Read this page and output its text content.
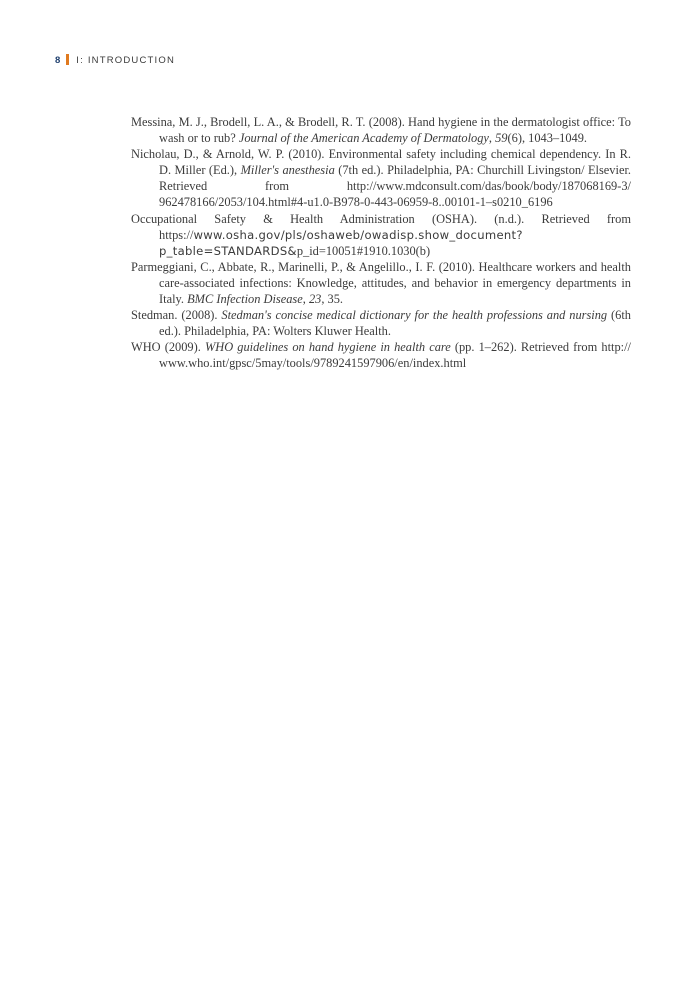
8 I: INTRODUCTION

Messina, M. J., Brodell, L. A., & Brodell, R. T. (2008). Hand hygiene in the dermatologist office: To wash or to rub? Journal of the American Academy of Dermatology, 59(6), 1043–1049.

Nicholau, D., & Arnold, W. P. (2010). Environmental safety including chemical dependency. In R. D. Miller (Ed.), Miller's anesthesia (7th ed.). Philadelphia, PA: Churchill Livingston/ Elsevier. Retrieved from http://www.mdconsult.com/das/book/body/187068169-3/ 962478166/2053/104.html#4-u1.0-B978-0-443-06959-8..00101-1–s0210_6196

Occupational Safety & Health Administration (OSHA). (n.d.). Retrieved from https://www.osha.gov/pls/oshaweb/owadisp.show_document?p_table=STANDARDS&p_id=10051#1910.1030(b)

Parmeggiani, C., Abbate, R., Marinelli, P., & Angelillo., I. F. (2010). Healthcare workers and health care-associated infections: Knowledge, attitudes, and behavior in emergency departments in Italy. BMC Infection Disease, 23, 35.

Stedman. (2008). Stedman's concise medical dictionary for the health professions and nursing (6th ed.). Philadelphia, PA: Wolters Kluwer Health.

WHO (2009). WHO guidelines on hand hygiene in health care (pp. 1–262). Retrieved from http:// www.who.int/gpsc/5may/tools/9789241597906/en/index.html
